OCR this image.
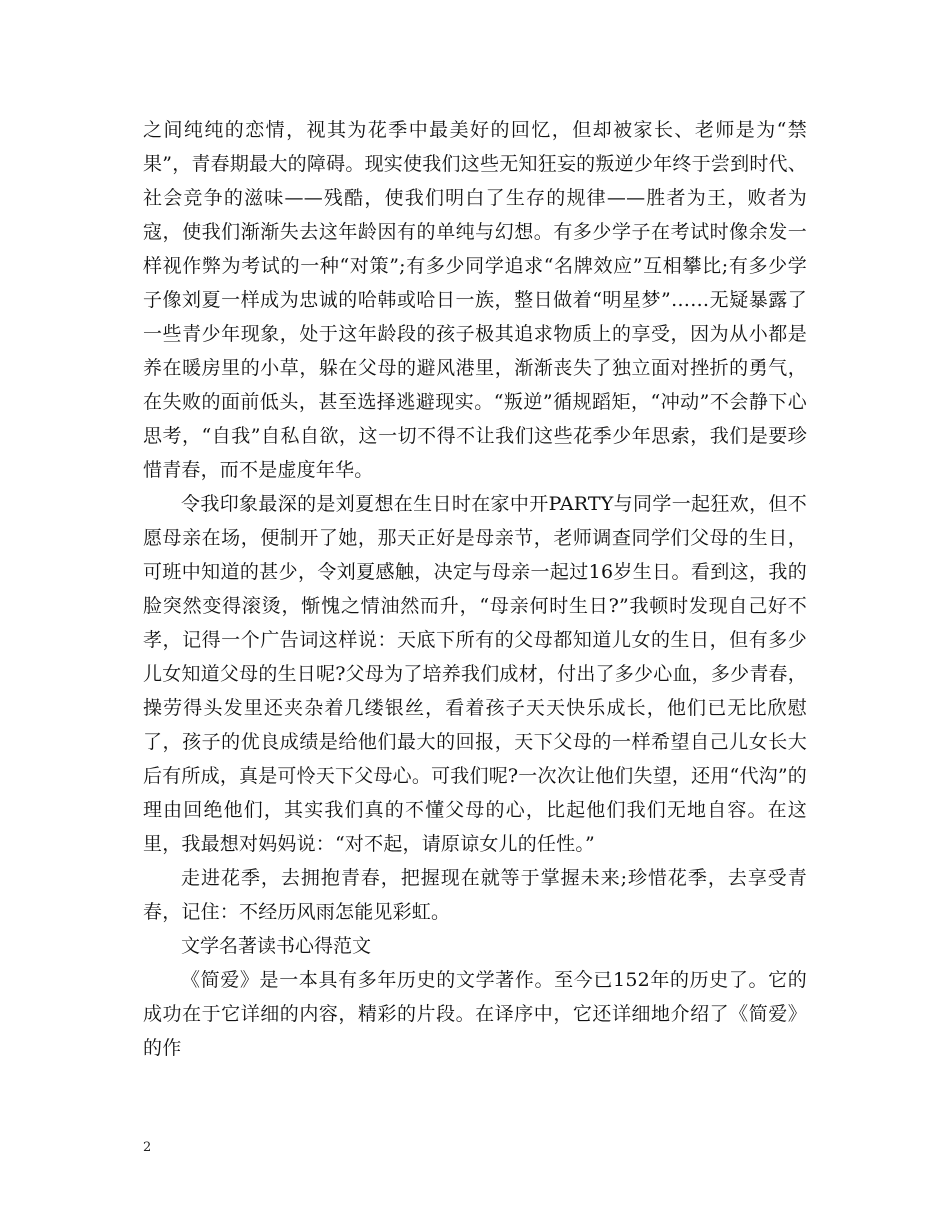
之间纯纯的恋情，视其为花季中最美好的回忆，但却被家长、老师是为“禁果”，青春期最大的障碍。现实使我们这些无知狂妄的叛逆少年终于尝到时代、社会竞争的滋味——残酷，使我们明白了生存的规律——胜者为王，败者为寇，使我们渐渐失去这年龄因有的单纯与幻想。有多少学子在考试时像余发一样视作弊为考试的一种“对策”;有多少同学追求“名牌效应”互相攀比;有多少学子像刘夏一样成为忠诚的哈韩或哈日一族，整日做着“明星梦”……无疑暴露了一些青少年现象，处于这年龄段的孩子极其追求物质上的享受，因为从小都是养在暖房里的小草，躲在父母的避风港里，渐渐丧失了独立面对挫折的勇气，在失败的面前低头，甚至选择逃避现实。“叛逆”循规蹈矩，“冲动”不会静下心思考，“自我”自私自欲，这一切不得不让我们这些花季少年思索，我们是要珍惜青春，而不是虚度年华。

令我印象最深的是刘夏想在生日时在家中开PARTY与同学一起狂欢，但不愿母亲在场，便制开了她，那天正好是母亲节，老师调查同学们父母的生日，可班中知道的甚少，令刘夏感触，决定与母亲一起过16岁生日。看到这，我的脸突然变得滚烫，惭愧之情油然而升，“母亲何时生日?”我顿时发现自己好不孝，记得一个广告词这样说：天底下所有的父母都知道儿女的生日，但有多少儿女知道父母的生日呢?父母为了培养我们成材，付出了多少心血，多少青春，操劳得头发里还夹杂着几缕银丝，看着孩子天天快乐成长，他们已无比欣慰了，孩子的优良成绩是给他们最大的回报，天下父母的一样希望自己儿女长大后有所成，真是可怜天下父母心。可我们呢?一次次让他们失望，还用“代沟”的理由回绝他们，其实我们真的不懂父母的心，比起他们我们无地自容。在这里，我最想对妈妈说：“对不起，请原谅女儿的任性。”

走进花季，去拥抱青春，把握现在就等于掌握未来;珍惜花季，去享受青春，记住：不经历风雨怎能见彩虹。

文学名著读书心得范文

《简爱》是一本具有多年历史的文学著作。至今已152年的历史了。它的成功在于它详细的内容，精彩的片段。在译序中，它还详细地介绍了《简爱》的作

2
